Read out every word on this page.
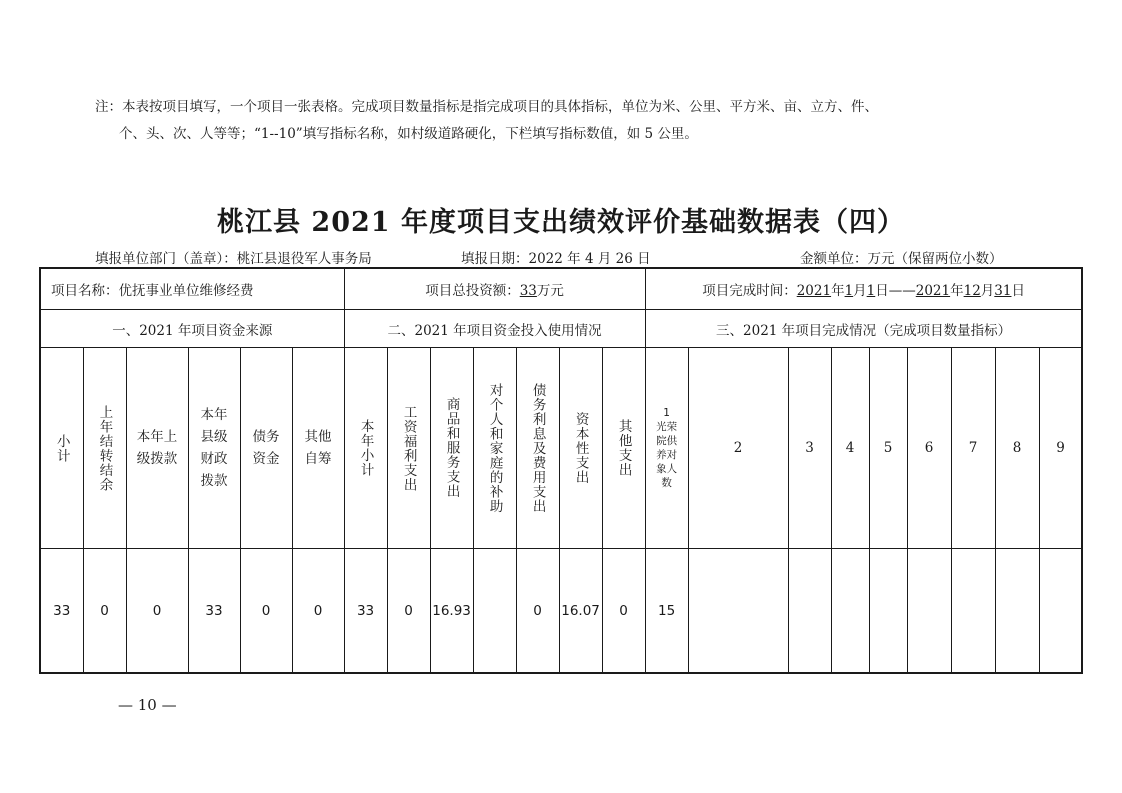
注：本表按项目填写，一个项目一张表格。完成项目数量指标是指完成项目的具体指标，单位为米、公里、平方米、亩、立方、件、
个、头、次、人等等；“1--10”填写指标名称，如村级道路硬化，下栏填写指标数值，如 5 公里。
桃江县 2021 年度项目支出绩效评价基础数据表（四）
填报单位部门（盖章）：桃江县退役军人事务局	填报日期：2022 年 4 月 26 日	金额单位：万元（保留两位小数）
项目名称：优抚事业单位维修经费						项目总投资额：33万元							项目完成时间：2021年1月1日——2021年12月31日									
一、2021 年项目资金来源						二、2021 年项目资金投入使用情况							三、2021 年项目完成情况（完成项目数量指标）									

小计	上年结转结余	本年上级拨款	本年县级财政拨款	债务资金	其他自筹	本年小计	工资福利支出	商品和服务支出	对个人和家庭的补助	债务利息及费用支出	资本性支出	其他支出	1
光荣院供养对象人数	2	3	4	5	6	7	8	9	
33	0	0	33	0	0	33	0	16.93		0	16.07	0	15									
— 10 —
